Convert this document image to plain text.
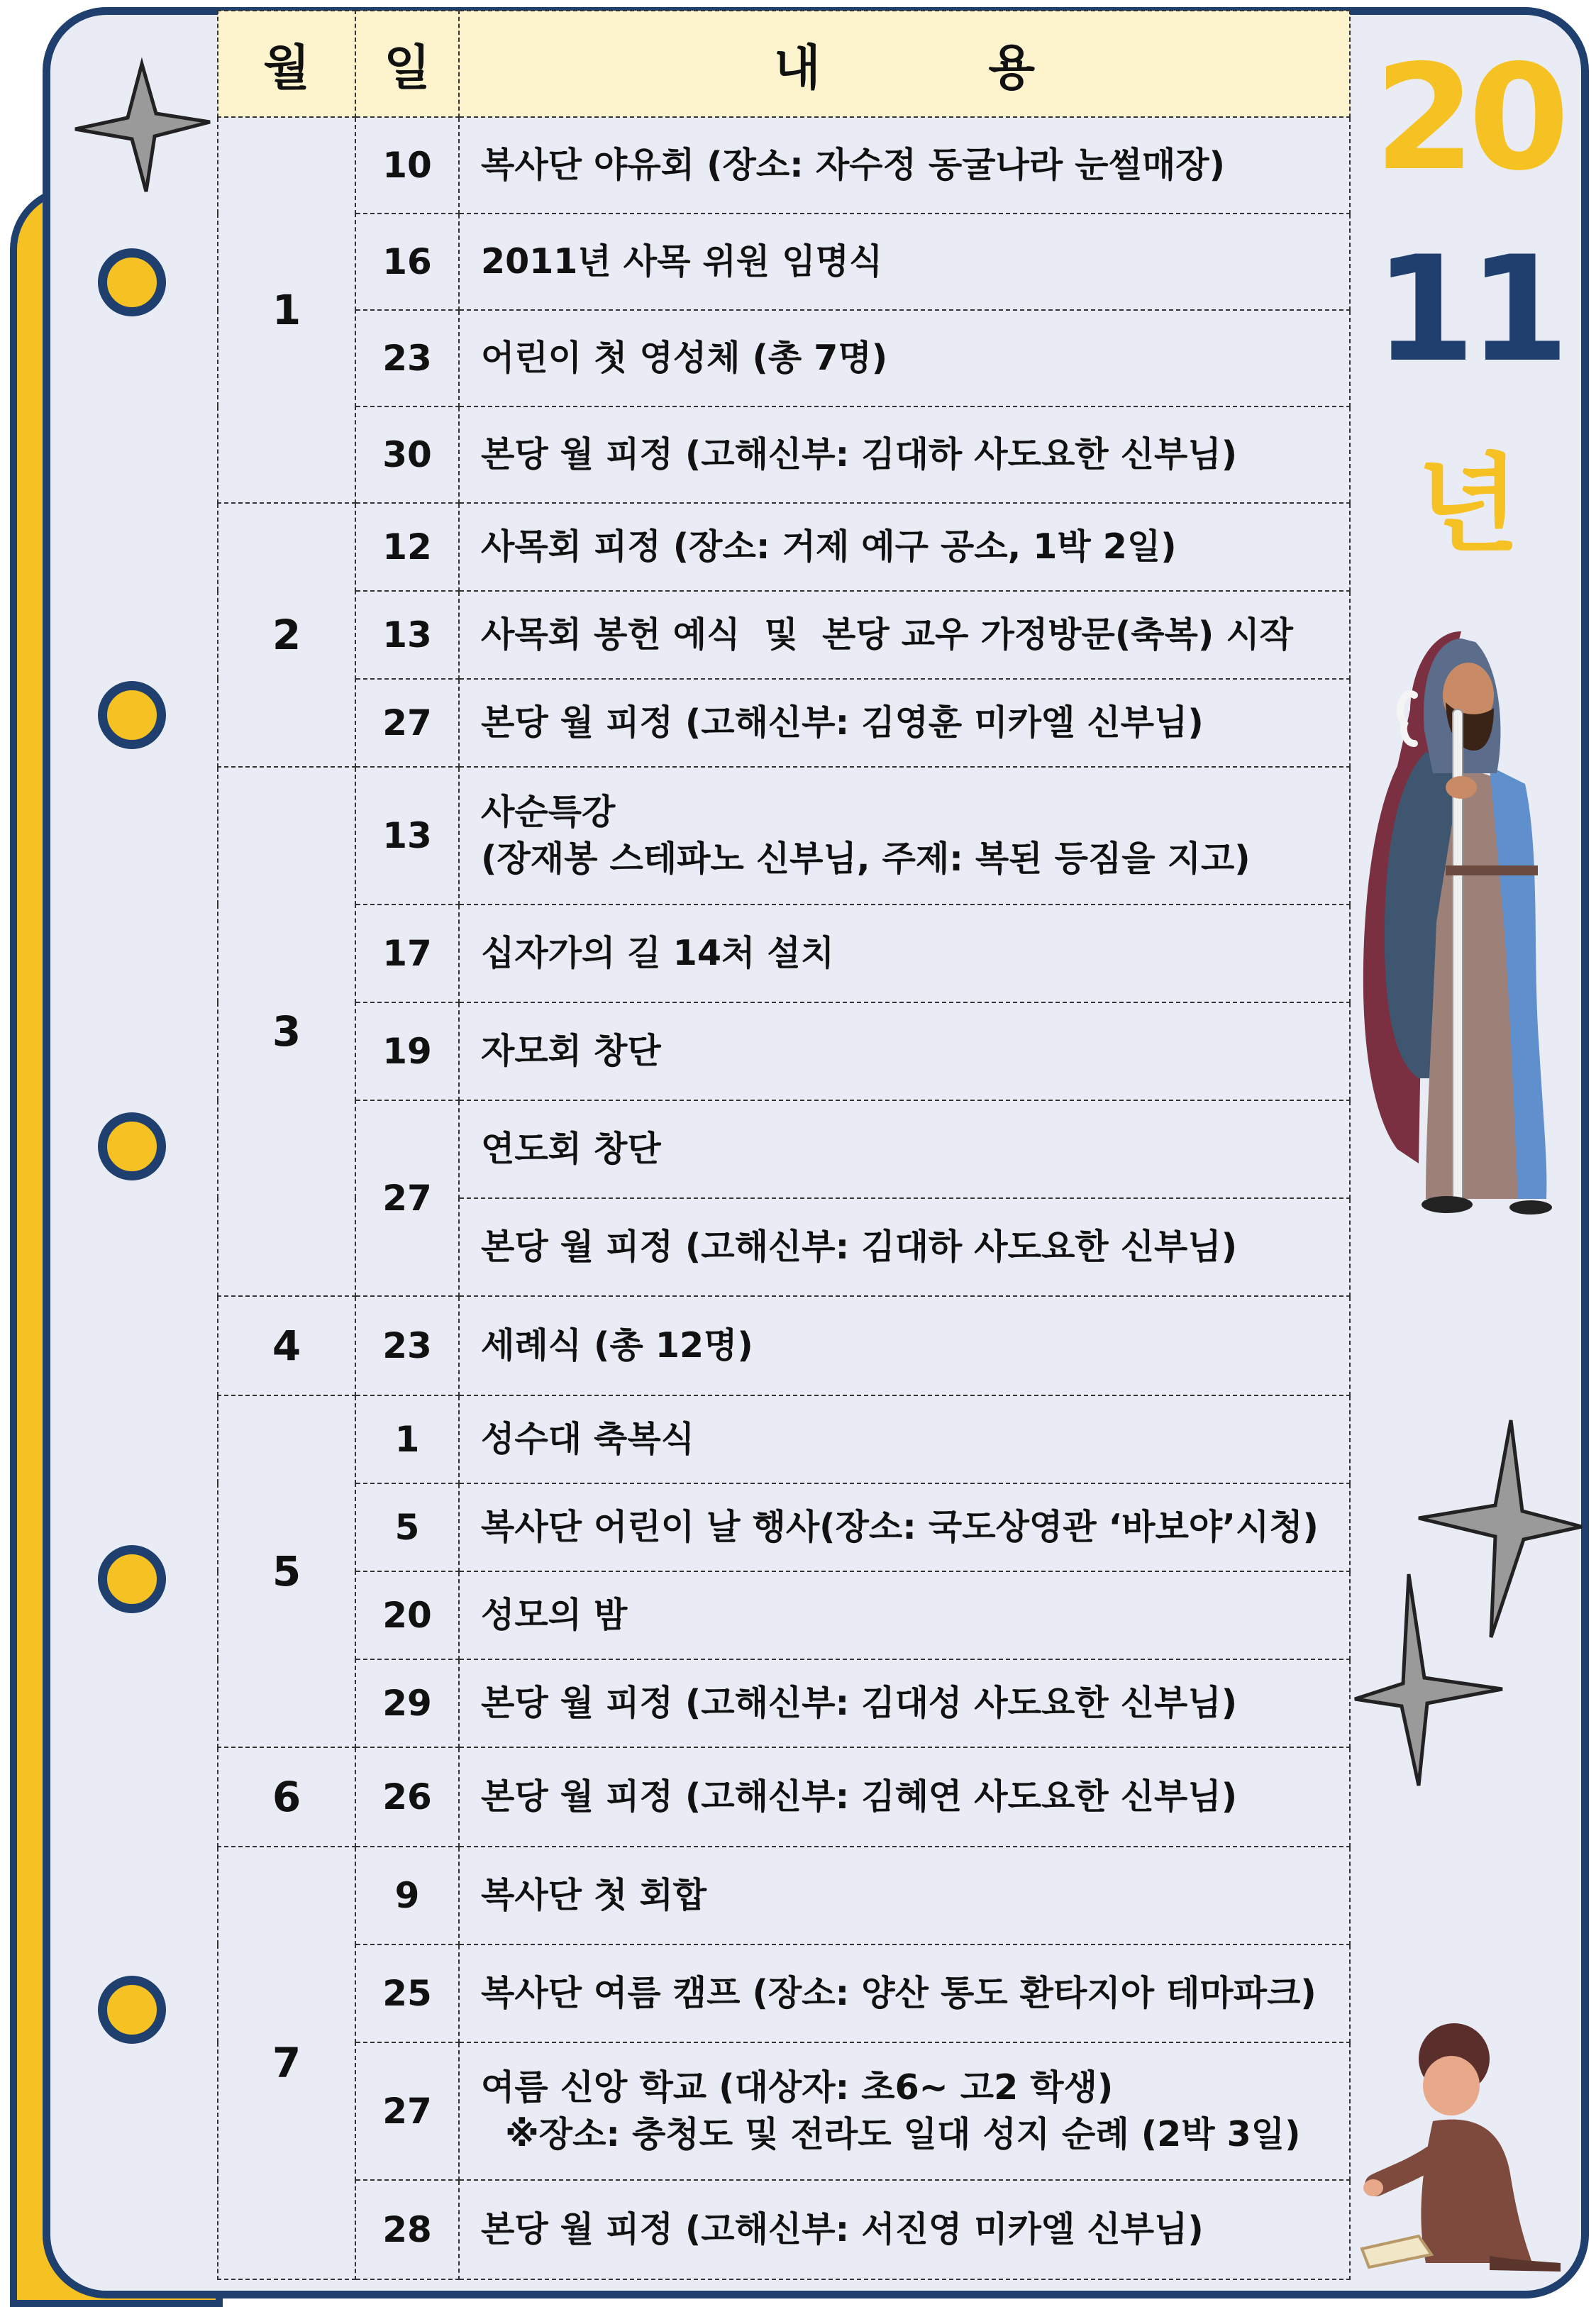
월	일	내          용
1	10	복사단 야유회 (장소: 자수정 동굴나라 눈썰매장)
	16	2011년 사목 위원 임명식
	23	어린이 첫 영성체 (총 7명)
	30	본당 월 피정 (고해신부: 김대하 사도요한 신부님)
2	12	사목회 피정 (장소: 거제 예구 공소, 1박 2일)
	13	사목회 봉헌 예식  및  본당 교우 가정방문(축복) 시작
	27	본당 월 피정 (고해신부: 김영훈 미카엘 신부님)
3	13	사순특강
(장재봉 스테파노 신부님, 주제: 복된 등짐을 지고)

	17	십자가의 길 14처 설치
	19	자모회 창단
	27	연도회 창단
		본당 월 피정 (고해신부: 김대하 사도요한 신부님)
4	23	세례식 (총 12명)
5	1	성수대 축복식
	5	복사단 어린이 날 행사(장소: 국도상영관 ‘바보야’시청)
	20	성모의 밤
	29	본당 월 피정 (고해신부: 김대성 사도요한 신부님)
6	26	본당 월 피정 (고해신부: 김혜연 사도요한 신부님)
7	9	복사단 첫 회합
	25	복사단 여름 캠프 (장소: 양산 통도 환타지아 테마파크)
	27	여름 신앙 학교 (대상자: 초6~ 고2 학생)
※장소: 충청도 및 전라도 일대 성지 순례 (2박 3일)

	28	본당 월 피정 (고해신부: 서진영 미카엘 신부님)
20
11
년
